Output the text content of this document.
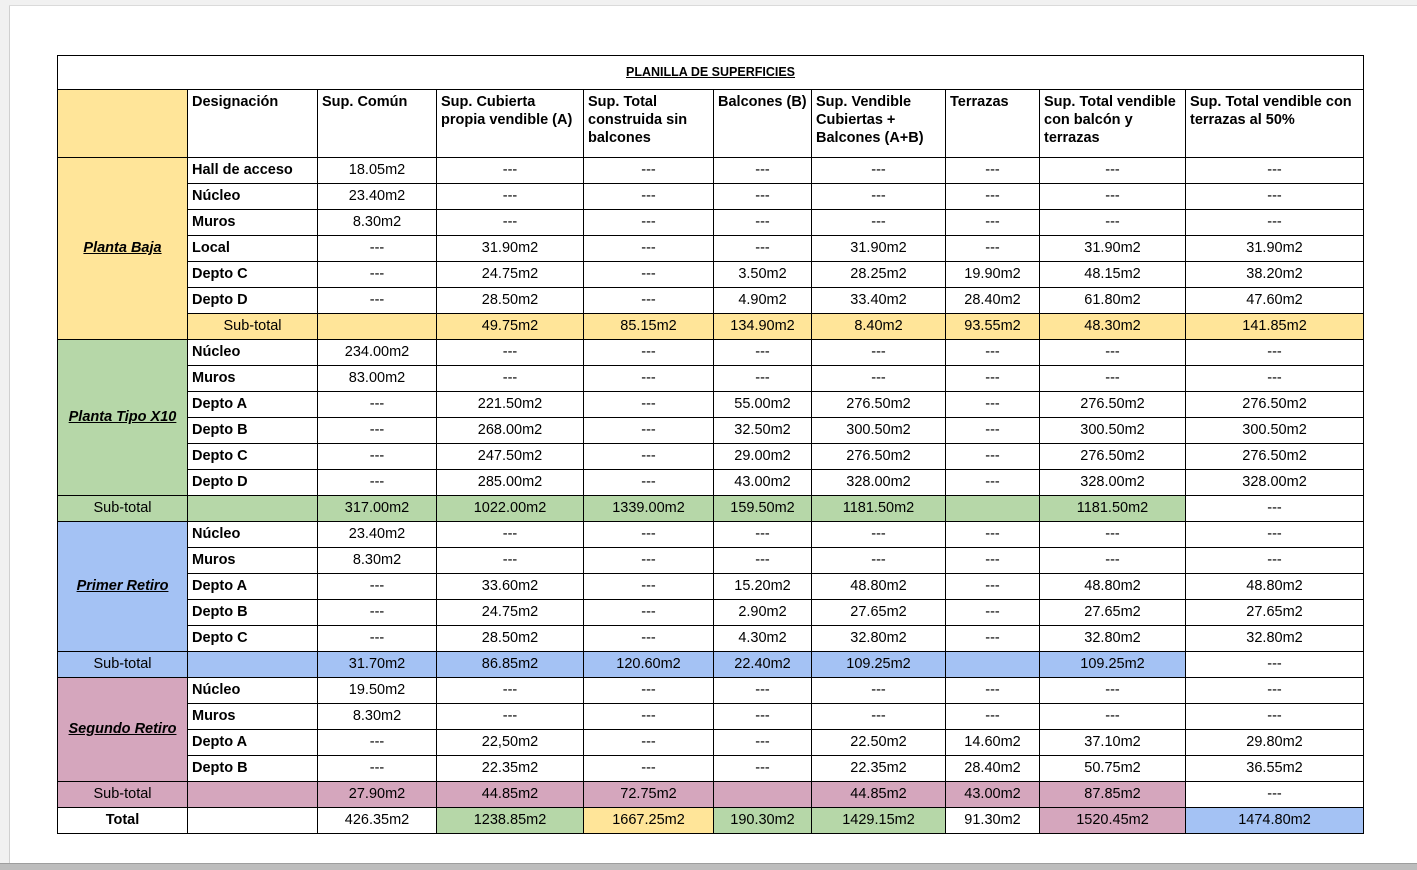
PLANILLA DE SUPERFICIES										
	Designación	Sup. Común	Sup. Cubierta propia vendible (A)	Sup. Total construida sin balcones	Balcones (B)	Sup. Vendible Cubiertas + Balcones (A+B)	Terrazas	Sup. Total vendible con balcón y terrazas	Sup. Total vendible con terrazas al 50%	
Planta Baja	Hall de acceso	18.05m2	---	---	---	---	---	---	---	
	Núcleo	23.40m2	---	---	---	---	---	---	---	
	Muros	8.30m2	---	---	---	---	---	---	---	
	Local	---	31.90m2	---	---	31.90m2	---	31.90m2	31.90m2	
	Depto C	---	24.75m2	---	3.50m2	28.25m2	19.90m2	48.15m2	38.20m2	
	Depto D	---	28.50m2	---	4.90m2	33.40m2	28.40m2	61.80m2	47.60m2	
	Sub-total		49.75m2	85.15m2	134.90m2	8.40m2	93.55m2	48.30m2	141.85m2	
Planta Tipo X10	Núcleo	234.00m2	---	---	---	---	---	---	---	
	Muros	83.00m2	---	---	---	---	---	---	---	
	Depto A	---	221.50m2	---	55.00m2	276.50m2	---	276.50m2	276.50m2	
	Depto B	---	268.00m2	---	32.50m2	300.50m2	---	300.50m2	300.50m2	
	Depto C	---	247.50m2	---	29.00m2	276.50m2	---	276.50m2	276.50m2	
	Depto D	---	285.00m2	---	43.00m2	328.00m2	---	328.00m2	328.00m2	
Sub-total		317.00m2	1022.00m2	1339.00m2	159.50m2	1181.50m2		1181.50m2	---	
Primer Retiro	Núcleo	23.40m2	---	---	---	---	---	---	---	
	Muros	8.30m2	---	---	---	---	---	---	---	
	Depto A	---	33.60m2	---	15.20m2	48.80m2	---	48.80m2	48.80m2	
	Depto B	---	24.75m2	---	2.90m2	27.65m2	---	27.65m2	27.65m2	
	Depto C	---	28.50m2	---	4.30m2	32.80m2	---	32.80m2	32.80m2	
Sub-total		31.70m2	86.85m2	120.60m2	22.40m2	109.25m2		109.25m2	---	
Segundo Retiro	Núcleo	19.50m2	---	---	---	---	---	---	---	
	Muros	8.30m2	---	---	---	---	---	---	---	
	Depto A	---	22,50m2	---	---	22.50m2	14.60m2	37.10m2	29.80m2	
	Depto B	---	22.35m2	---	---	22.35m2	28.40m2	50.75m2	36.55m2	
Sub-total		27.90m2	44.85m2	72.75m2		44.85m2	43.00m2	87.85m2	---	
Total		426.35m2	1238.85m2	1667.25m2	190.30m2	1429.15m2	91.30m2	1520.45m2	1474.80m2	
